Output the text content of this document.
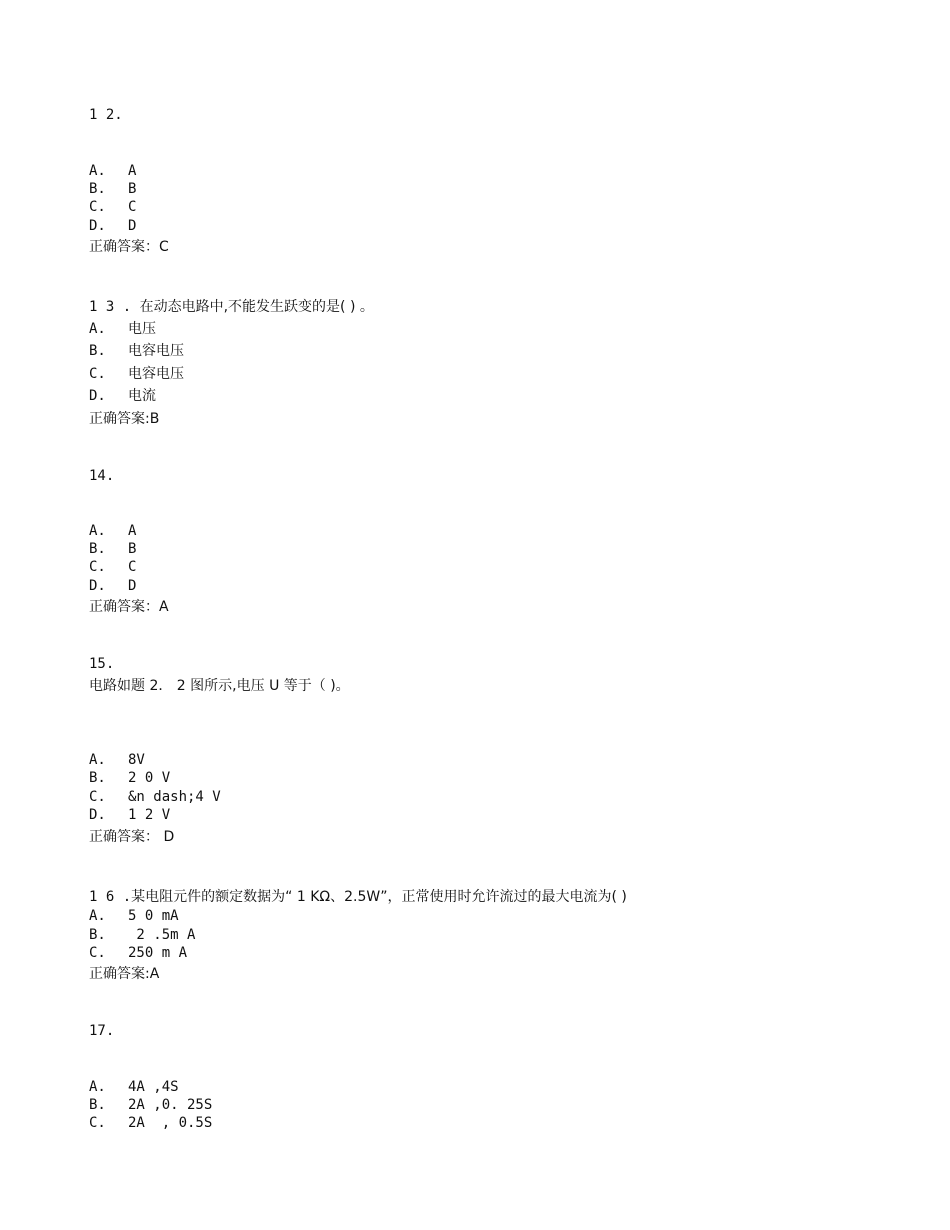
1 2.
A. A
B. B
C. C
D. D
正确答案：C
1 3 . 在动态电路中,不能发生跃变的是( ) 。
A. 电压
B. 电容电压
C. 电容电压
D. 电流
正确答案:B
14.
A. A
B. B
C. C
D. D
正确答案：A
15.
电路如题 2． 2 图所示,电压 U 等于（ )。
A. 8V
B. 2 0 V
C. &n dash;4 V
D. 1 2 V
正确答案： D
1 6 .某电阻元件的额定数据为“ 1 KΩ、2.5W”，正常使用时允许流过的最大电流为( )
A. 5 0 mA
B. 2 .5m A
C. 250 m A
正确答案:A
17.
A. 4A ,4S
B. 2A ,0. 25S
C. 2A  , 0.5S
